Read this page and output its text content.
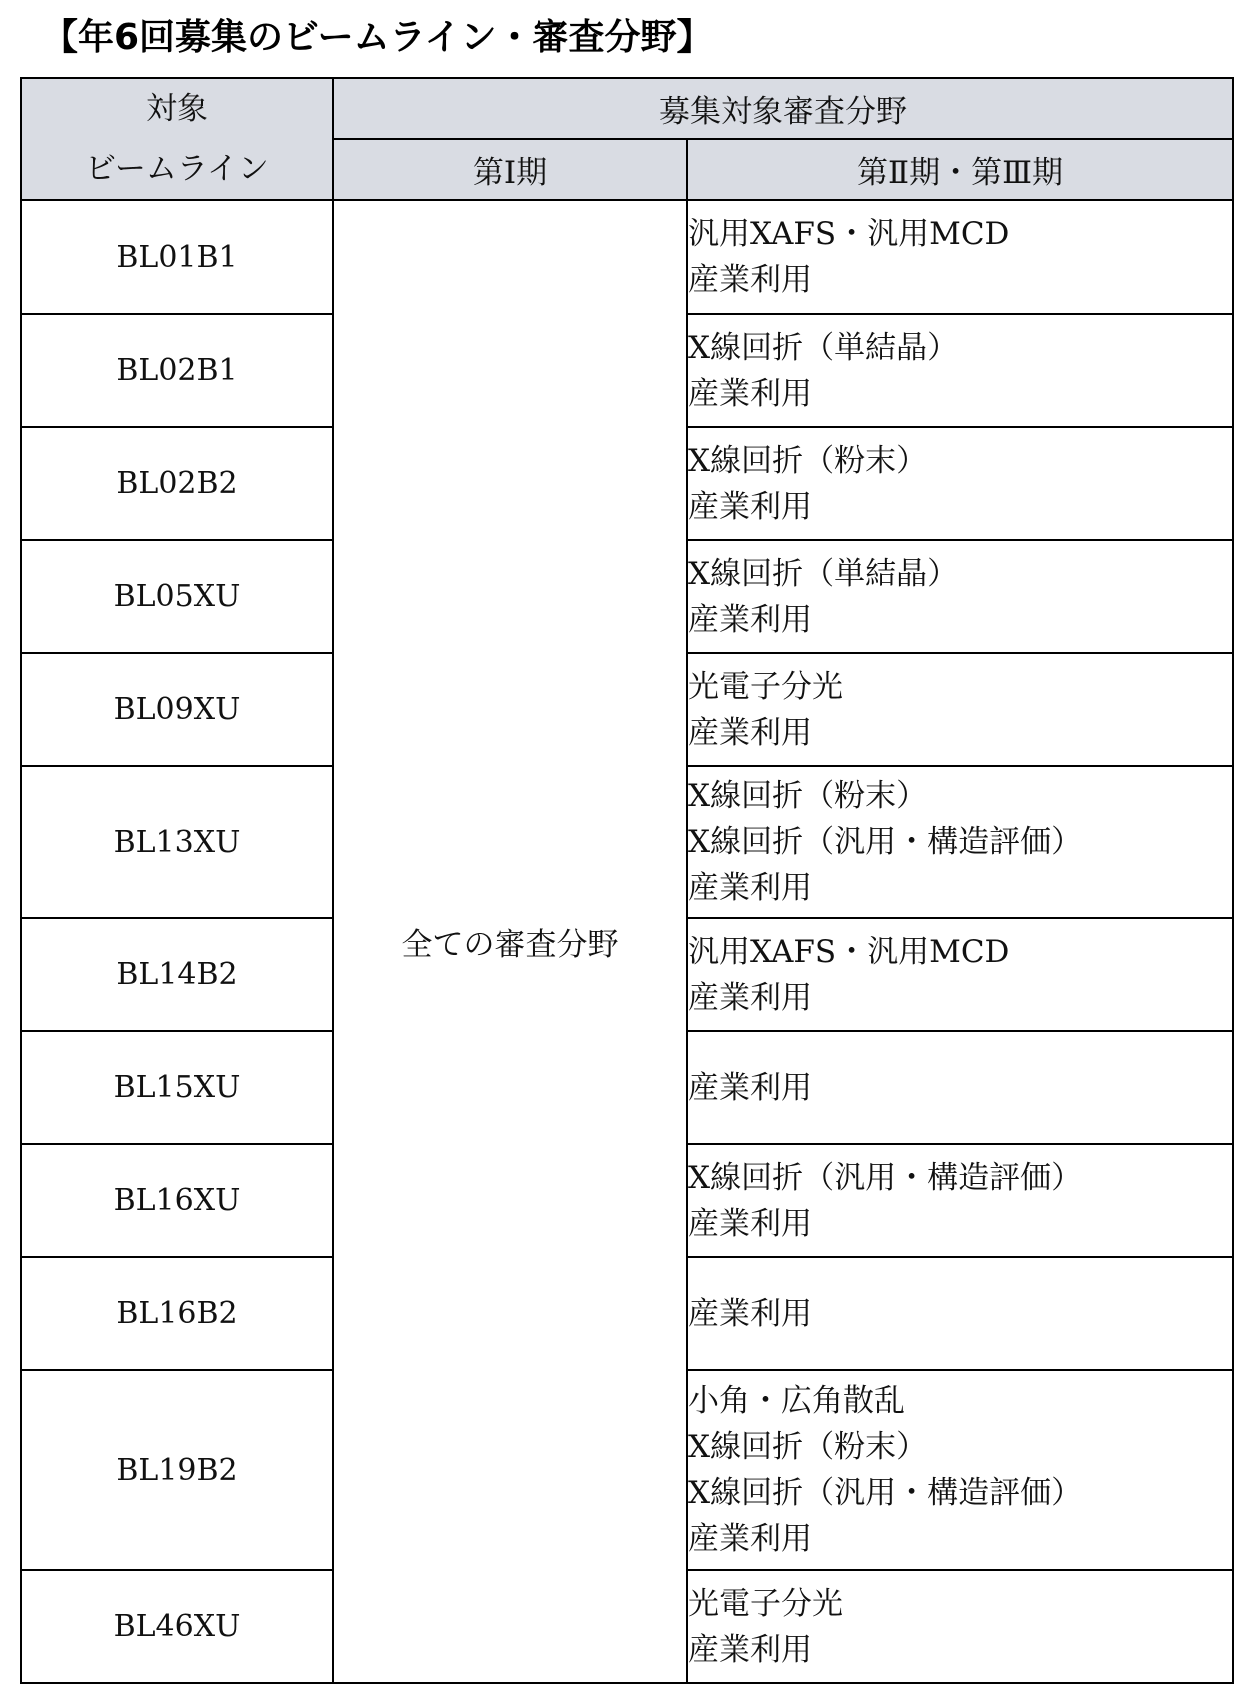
【年6回募集のビームライン・審査分野】
対象
ビームライン	募集対象審査分野	
	第Ⅰ期	第Ⅱ期・第Ⅲ期
BL01B1	全ての審査分野	汎用XAFS・汎用MCD
産業利用

BL02B1		X線回折（単結晶）
産業利用

BL02B2		X線回折（粉末）
産業利用

BL05XU		X線回折（単結晶）
産業利用

BL09XU		光電子分光
産業利用

BL13XU		X線回折（粉末）
X線回折（汎用・構造評価）
産業利用

BL14B2		汎用XAFS・汎用MCD
産業利用

BL15XU		産業利用

BL16XU		X線回折（汎用・構造評価）
産業利用

BL16B2		産業利用

BL19B2		小角・広角散乱
X線回折（粉末）
X線回折（汎用・構造評価）
産業利用

BL46XU		光電子分光
産業利用
